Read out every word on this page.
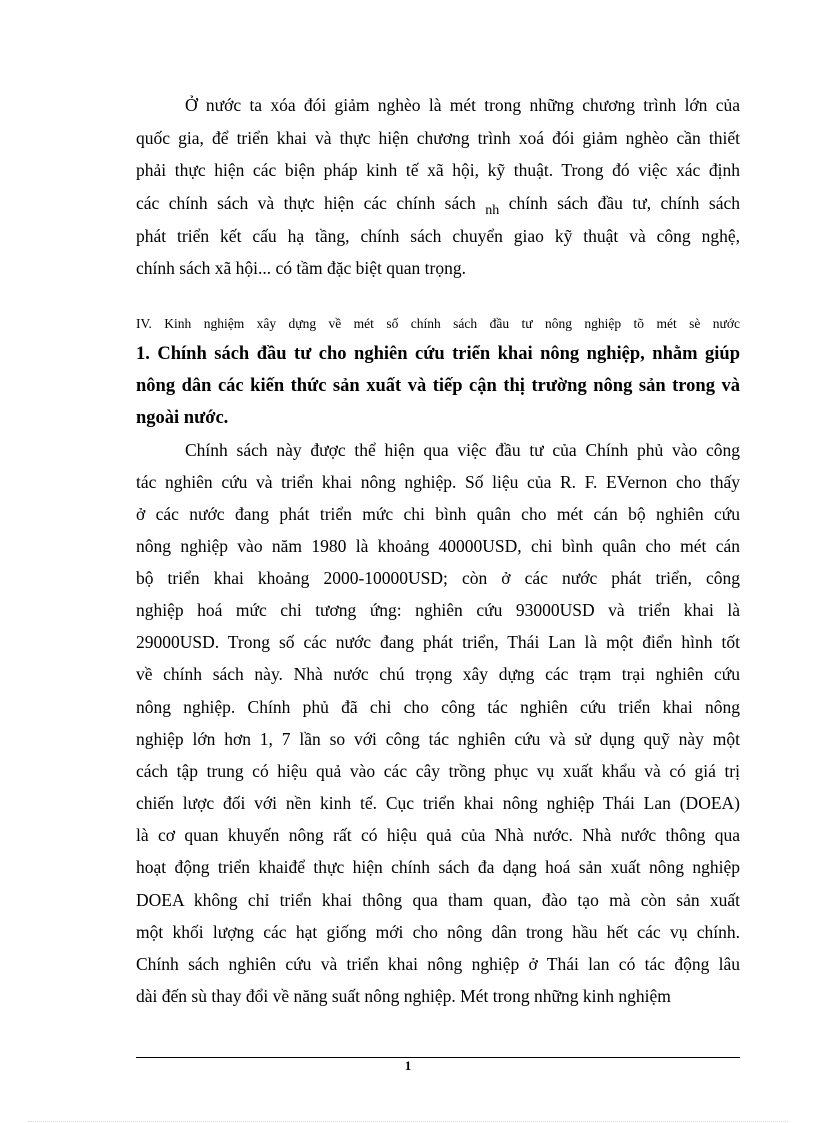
Ở nước ta xóa đói giảm nghèo là mét trong những chương trình lớn của
quốc gia, để triển khai và thực hiện chương trình xoá đói giảm nghèo cần thiết
phải thực hiện các biện pháp kinh tế xã hội, kỹ thuật. Trong đó việc xác định
các chính sách và thực hiện các chính sách $_{nh}$ chính sách đầu tư, chính sách
phát triển kết cấu hạ tầng, chính sách chuyển giao kỹ thuật và công nghệ,
chính sách xã hội... có tầm đặc biệt quan trọng.
IV. Kinh nghiệm xây dựng về mét số chính sách đầu tư nông nghiệp tõ mét sè nước
1. Chính sách đầu tư cho nghiên cứu triển khai nông nghiệp, nhằm giúp
nông dân các kiến thức sản xuất và tiếp cận thị trường nông sản trong và
ngoài nước.
Chính sách này được thể hiện qua việc đầu tư của Chính phủ vào công
tác nghiên cứu và triển khai nông nghiệp. Số liệu của R. F. EVernon cho thấy
ở các nước đang phát triển mức chi bình quân cho mét cán bộ nghiên cứu
nông nghiệp vào năm 1980 là khoảng 40000USD, chi bình quân cho mét cán
bộ triển khai khoảng 2000-10000USD; còn ở các nước phát triển, công
nghiệp hoá mức chi tương ứng: nghiên cứu 93000USD và triển khai là
29000USD. Trong số các nước đang phát triển, Thái Lan là một điển hình tốt
về chính sách này. Nhà nước chú trọng xây dựng các trạm trại nghiên cứu
nông nghiệp. Chính phủ đã chi cho công tác nghiên cứu triển khai nông
nghiệp lớn hơn 1, 7 lần so với công tác nghiên cứu và sử dụng quỹ này một
cách tập trung có hiệu quả vào các cây trồng phục vụ xuất khẩu và có giá trị
chiến lược đối với nền kinh tế. Cục triển khai nông nghiệp Thái Lan (DOEA)
là cơ quan khuyến nông rất có hiệu quả của Nhà nước. Nhà nước thông qua
hoạt động triển khaiđể thực hiện chính sách đa dạng hoá sản xuất nông nghiệp
DOEA không chỉ triển khai thông qua tham quan, đào tạo mà còn sản xuất
một khối lượng các hạt giống mới cho nông dân trong hầu hết các vụ chính.
Chính sách nghiên cứu và triển khai nông nghiệp ở Thái lan có tác động lâu
dài đến sù thay đổi về năng suất nông nghiệp. Mét trong những kinh nghiệm
1
